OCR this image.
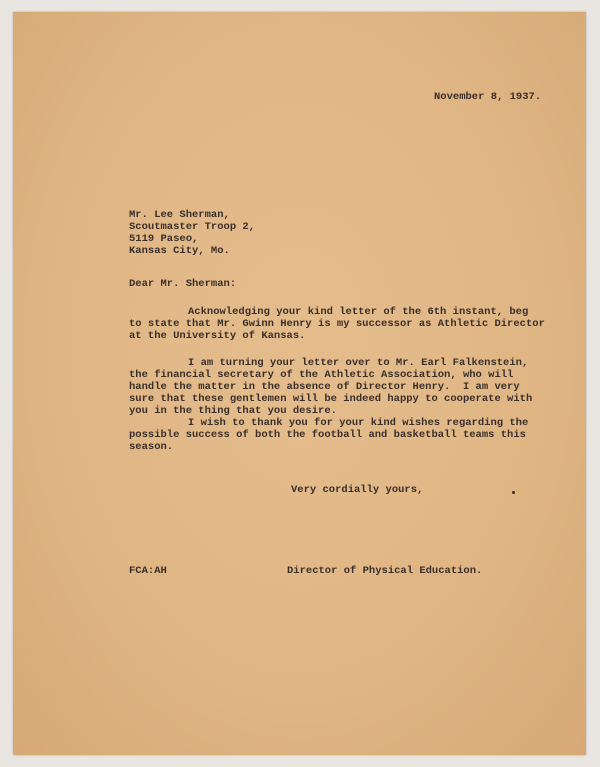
November 8, 1937.
Mr. Lee Sherman,
Scoutmaster Troop 2,
5119 Paseo,
Kansas City, Mo.
Dear Mr. Sherman:
Acknowledging your kind letter of the 6th instant, beg
to state that Mr. Gwinn Henry is my successor as Athletic Director
at the University of Kansas.
I am turning your letter over to Mr. Earl Falkenstein,
the financial secretary of the Athletic Association, who will
handle the matter in the absence of Director Henry.  I am very
sure that these gentlemen will be indeed happy to cooperate with
you in the thing that you desire.
I wish to thank you for your kind wishes regarding the
possible success of both the football and basketball teams this
season.
Very cordially yours,
FCA:AH	Director of Physical Education.
